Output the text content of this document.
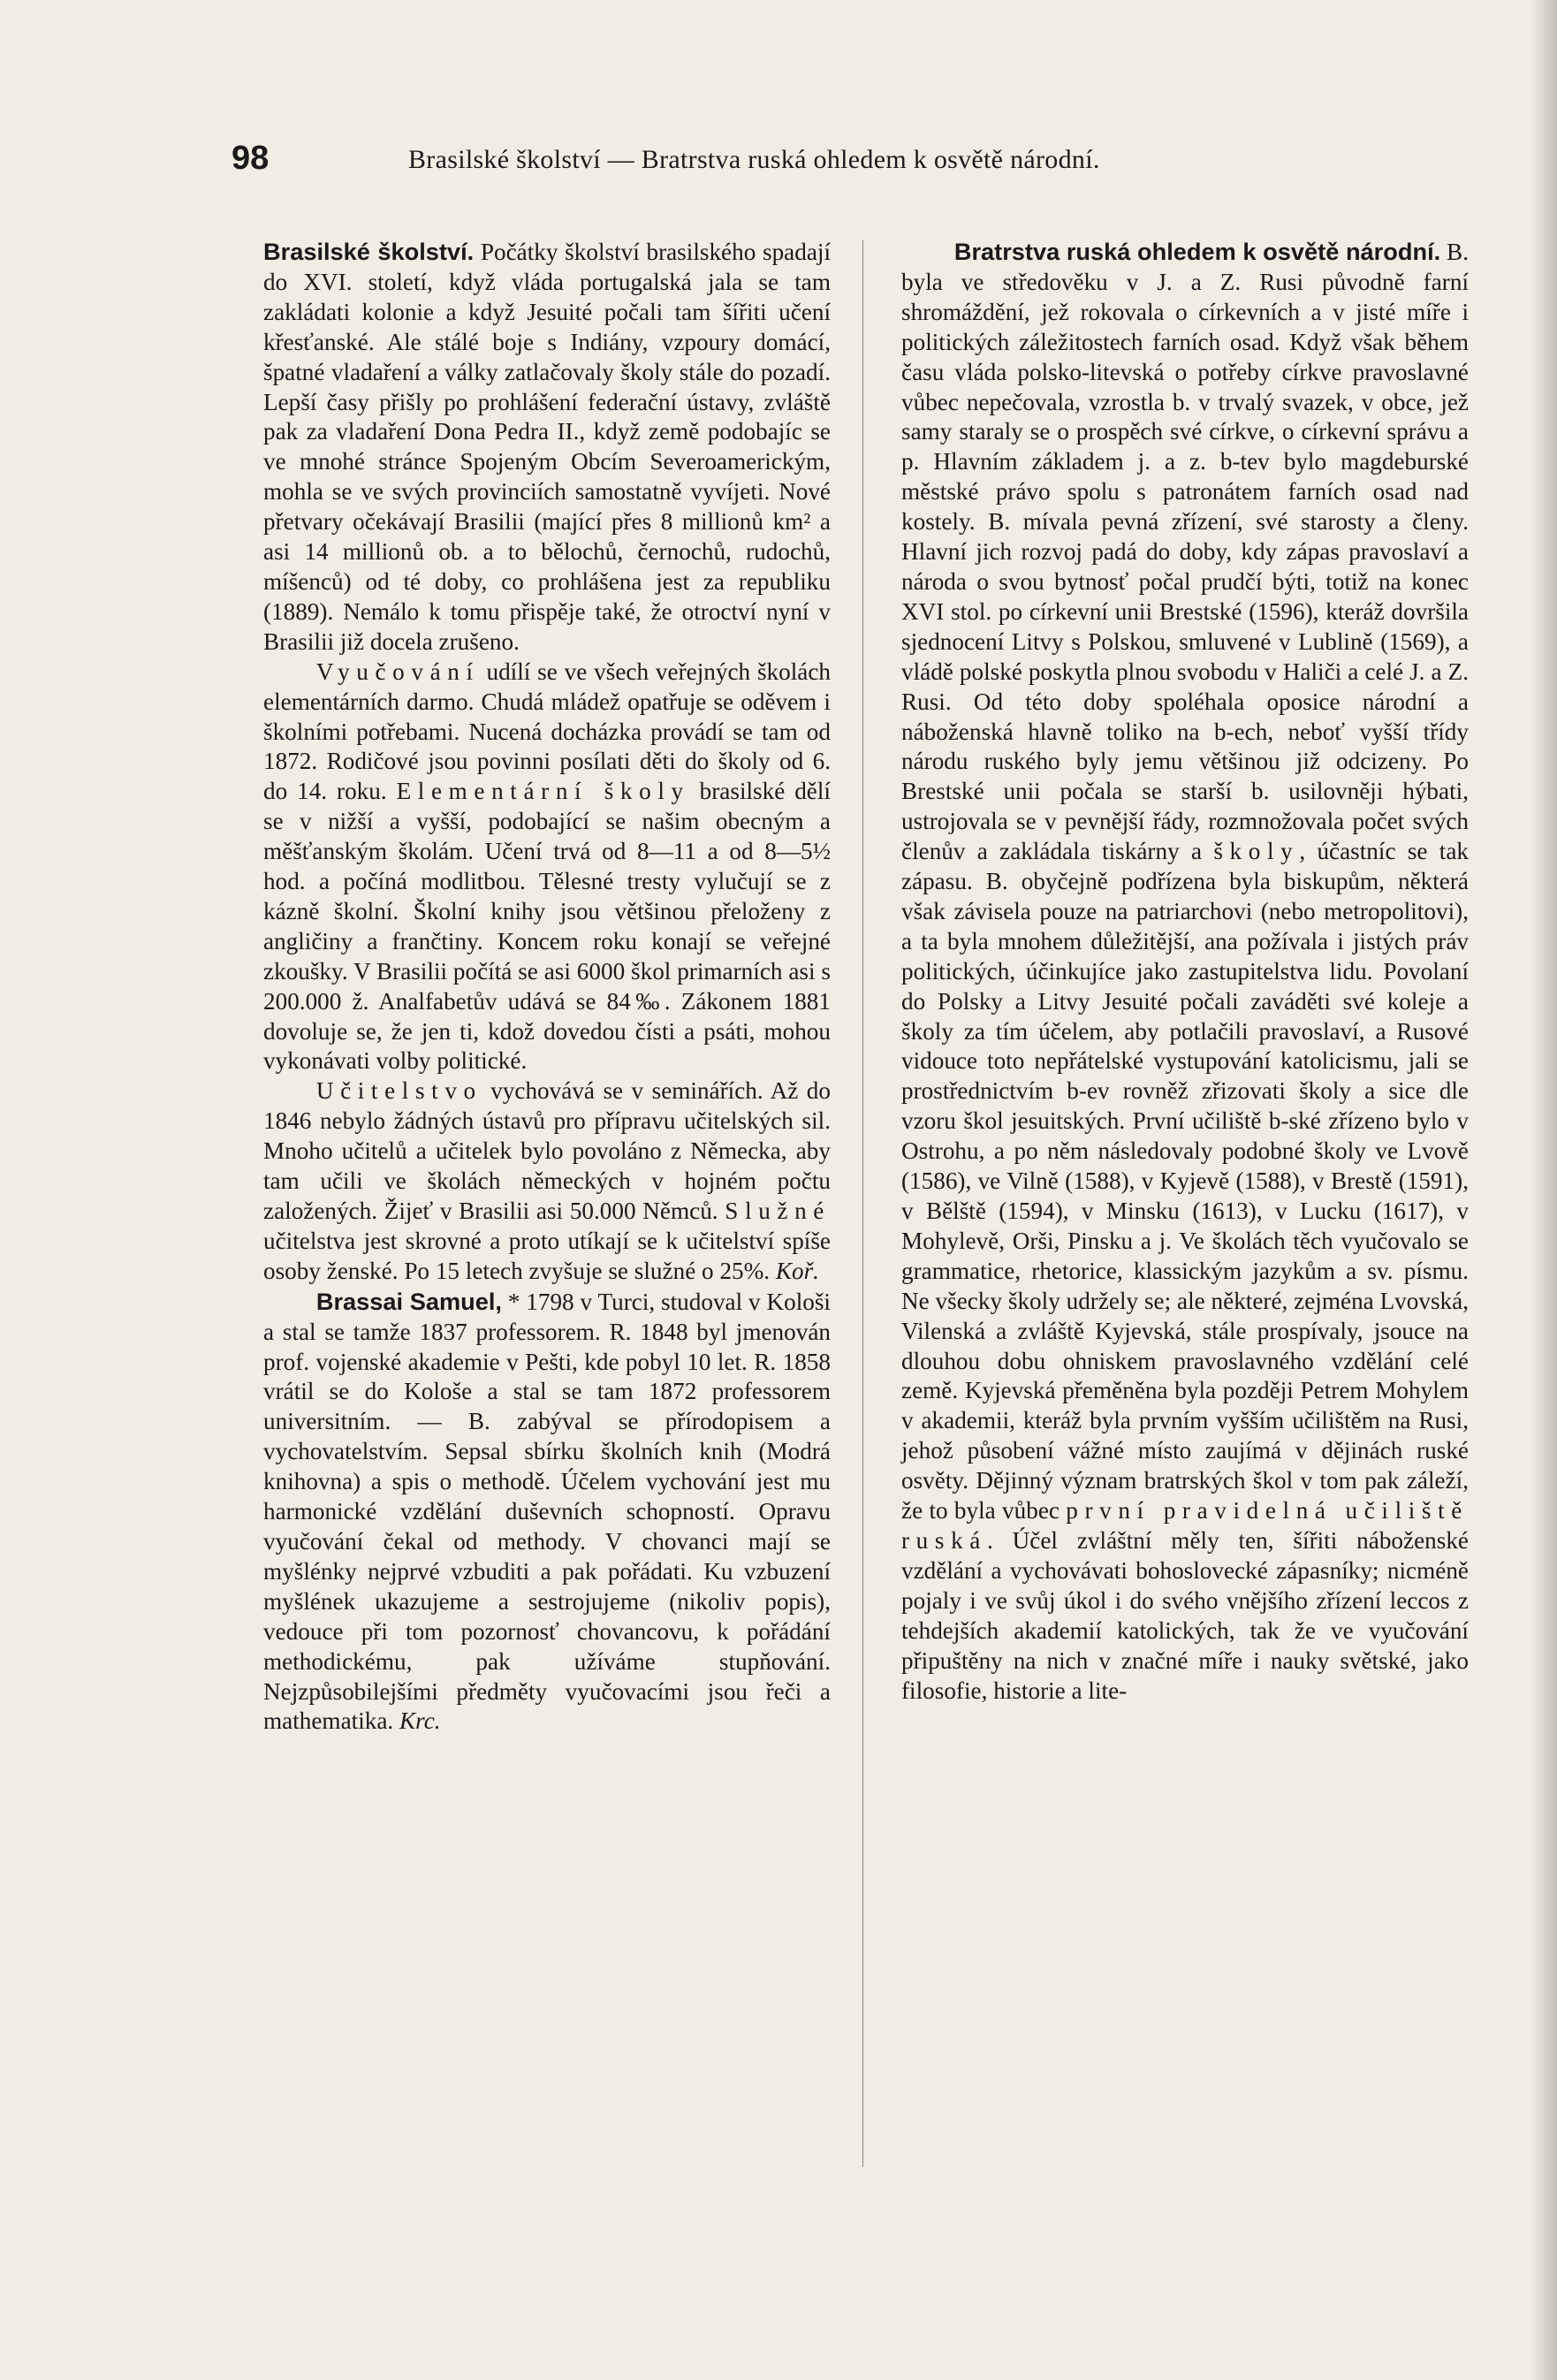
98	Brasilské školství — Bratrstva ruská ohledem k osvětě národní.

Brasilské školství. Počátky školství brasilského spadají do XVI. století, když vláda portugalská jala se tam zakládati kolonie a když Jesuité počali tam šířiti učení křesťanské. Ale stálé boje s Indiány, vzpoury domácí, špatné vladaření a války zatlačovaly školy stále do pozadí. Lepší časy přišly po prohlášení federační ústavy, zvláště pak za vladaření Dona Pedra II., když země podobajíc se ve mnohé stránce Spojeným Obcím Severoamerickým, mohla se ve svých provinciích samostatně vyvíjeti. Nové přetvary očekávají Brasilii (mající přes 8 millionů km² a asi 14 millionů ob. a to bělochů, černochů, rudochů, míšenců) od té doby, co prohlášena jest za republiku (1889). Nemálo k tomu přispěje také, že otroctví nyní v Brasilii již docela zrušeno.

Vyučování udílí se ve všech veřejných školách elementárních darmo. Chudá mládež opatřuje se oděvem i školními potřebami. Nucená docházka provádí se tam od 1872. Rodičové jsou povinni posílati děti do školy od 6. do 14. roku. Elementární školy brasilské dělí se v nižší a vyšší, podobající se našim obecným a měšťanským školám. Učení trvá od 8—11 a od 8—5½ hod. a počíná modlitbou. Tělesné tresty vylučují se z kázně školní. Školní knihy jsou většinou přeloženy z angličiny a frančtiny. Koncem roku konají se veřejné zkoušky. V Brasilii počítá se asi 6000 škol primarních asi s 200.000 ž. Analfabetův udává se 84‰. Zákonem 1881 dovoluje se, že jen ti, kdož dovedou čísti a psáti, mohou vykonávati volby politické.

Učitelstvo vychovává se v seminářích. Až do 1846 nebylo žádných ústavů pro přípravu učitelských sil. Mnoho učitelů a učitelek bylo povoláno z Německa, aby tam učili ve školách německých v hojném počtu založených. Žijeť v Brasilii asi 50.000 Němců. Služné učitelstva jest skrovné a proto utíkají se k učitelství spíše osoby ženské. Po 15 letech zvyšuje se služné o 25%. Kοř.

Brassai Samuel, * 1798 v Turci, studoval v Kološi a stal se tamže 1837 professorem. R. 1848 byl jmenován prof. vojenské akademie v Pešti, kde pobyl 10 let. R. 1858 vrátil se do Kološe a stal se tam 1872 professorem universitním. — B. zabýval se přírodopisem a vychovatelstvím. Sepsal sbírku školních knih (Modrá knihovna) a spis o methodě. Účelem vychování jest mu harmonické vzdělání duševních schopností. Opravu vyučování čekal od methody. V chovanci mají se myšlénky nejprvé vzbuditi a pak pořádati. Ku vzbuzení myšlének ukazujeme a sestrojujeme (nikoliv popis), vedouce při tom pozornosť chovancovu, k pořádání methodickému, pak užíváme stupňování. Nejzpůsobilejšími předměty vyučovacími jsou řeči a mathematika. Krc.

Bratrstva ruská ohledem k osvětě národní. B. byla ve středověku v J. a Z. Rusi původně farní shromáždění, jež rokovala o církevních a v jisté míře i politických záležitostech farních osad. Když však během času vláda polsko-litevská o potřeby církve pravoslavné vůbec nepečovala, vzrostla b. v trvalý svazek, v obce, jež samy staraly se o prospěch své církve, o církevní správu a p. Hlavním základem j. a z. b-tev bylo magdeburské městské právo spolu s patronátem farních osad nad kostely. B. mívala pevná zřízení, své starosty a členy. Hlavní jich rozvoj padá do doby, kdy zápas pravoslaví a národa o svou bytnosť počal prudčí býti, totiž na konec XVI stol. po církevní unii Brestské (1596), kteráž dovršila sjednocení Litvy s Polskou, smluvené v Lublině (1569), a vládě polské poskytla plnou svobodu v Haliči a celé J. a Z. Rusi. Od této doby spoléhala oposice národní a náboženská hlavně toliko na b-ech, neboť vyšší třídy národu ruského byly jemu většinou již odcizeny. Po Brestské unii počala se starší b. usilovněji hýbati, ustrojovala se v pevnější řády, rozmnožovala počet svých členův a zakládala tiskárny a školy, účastníc se tak zápasu. B. obyčejně podřízena byla biskupům, některá však závisela pouze na patriarchovi (nebo metropolitovi), a ta byla mnohem důležitější, ana požívala i jistých práv politických, účinkujíce jako zastupitelstva lidu. Povolaní do Polsky a Litvy Jesuité počali zaváděti své koleje a školy za tím účelem, aby potlačili pravoslaví, a Rusové vidouce toto nepřátelské vystupování katolicismu, jali se prostřednictvím b-ev rovněž zřizovati školy a sice dle vzoru škol jesuitských. První učiliště b-ské zřízeno bylo v Ostrohu, a po něm následovaly podobné školy ve Lvově (1586), ve Vilně (1588), v Kyjevě (1588), v Brestě (1591), v Bělště (1594), v Minsku (1613), v Lucku (1617), v Mohylevě, Orši, Pinsku a j. Ve školách těch vyučovalo se grammatice, rhetorice, klassickým jazykům a sv. písmu. Ne všecky školy udržely se; ale některé, zejména Lvovská, Vilenská a zvláště Kyjevská, stále prospívaly, jsouce na dlouhou dobu ohniskem pravoslavného vzdělání celé země. Kyjevská přeměněna byla později Petrem Mohylem v akademii, kteráž byla prvním vyšším učilištěm na Rusi, jehož působení vážné místo zaujímá v dějinách ruské osvěty. Dějinný význam bratrských škol v tom pak záleží, že to byla vůbec první pravidelná učiliště ruská. Účel zvláštní měly ten, šířiti náboženské vzdělání a vychovávati bohoslovecké zápasníky; nicméně pojaly i ve svůj úkol i do svého vnějšího zřízení leccos z tehdejších akademií katolických, tak že ve vyučování připuštěny na nich v značné míře i nauky světské, jako filosofie, historie a lite-
